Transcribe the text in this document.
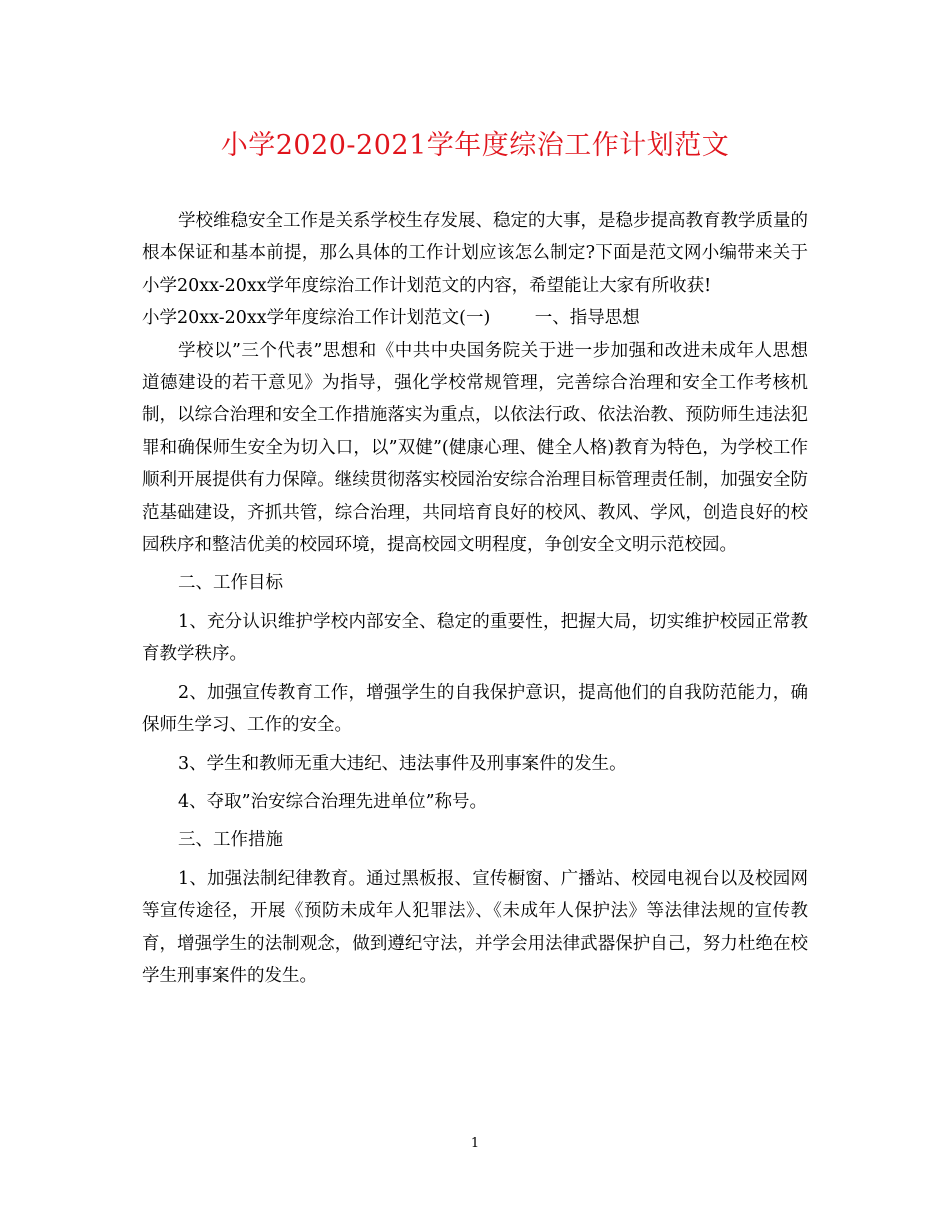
小学2020-2021学年度综治工作计划范文

学校维稳安全工作是关系学校生存发展、稳定的大事，是稳步提高教育教学质量的根本保证和基本前提，那么具体的工作计划应该怎么制定?下面是范文网小编带来关于小学20xx-20xx学年度综治工作计划范文的内容，希望能让大家有所收获!

小学20xx-20xx学年度综治工作计划范文(一)        一、指导思想

学校以”三个代表”思想和《中共中央国务院关于进一步加强和改进未成年人思想道德建设的若干意见》为指导，强化学校常规管理，完善综合治理和安全工作考核机制，以综合治理和安全工作措施落实为重点，以依法行政、依法治教、预防师生违法犯罪和确保师生安全为切入口，以”双健”(健康心理、健全人格)教育为特色，为学校工作顺利开展提供有力保障。继续贯彻落实校园治安综合治理目标管理责任制，加强安全防范基础建设，齐抓共管，综合治理，共同培育良好的校风、教风、学风，创造良好的校园秩序和整洁优美的校园环境，提高校园文明程度，争创安全文明示范校园。

二、工作目标

1、充分认识维护学校内部安全、稳定的重要性，把握大局，切实维护校园正常教育教学秩序。

2、加强宣传教育工作，增强学生的自我保护意识，提高他们的自我防范能力，确保师生学习、工作的安全。

3、学生和教师无重大违纪、违法事件及刑事案件的发生。

4、夺取”治安综合治理先进单位”称号。

三、工作措施

1、加强法制纪律教育。通过黑板报、宣传橱窗、广播站、校园电视台以及校园网等宣传途径，开展《预防未成年人犯罪法》、《未成年人保护法》等法律法规的宣传教育，增强学生的法制观念，做到遵纪守法，并学会用法律武器保护自己，努力杜绝在校学生刑事案件的发生。

1
